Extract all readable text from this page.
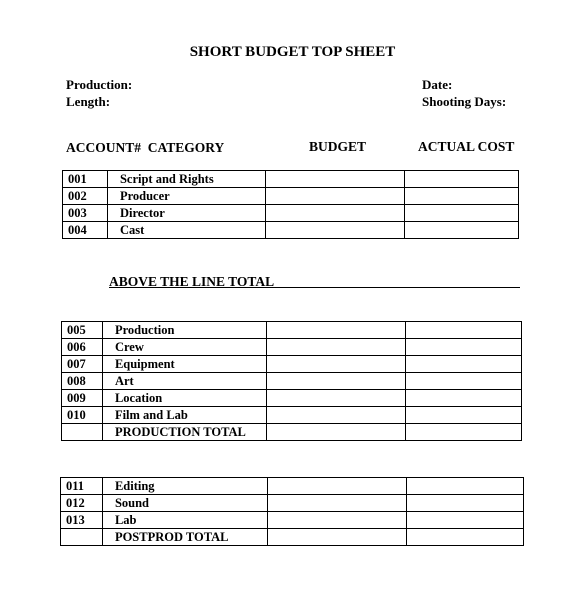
SHORT BUDGET TOP SHEET
Production:
Length:
Date:
Shooting Days:
ACCOUNT#  CATEGORY	BUDGET	ACTUAL COST
001	Script and Rights		
002	Producer		
003	Director		
004	Cast		
ABOVE THE LINE TOTAL
005	Production		
006	Crew		
007	Equipment		
008	Art		
009	Location		
010	Film and Lab		
	PRODUCTION TOTAL		
011	Editing		
012	Sound		
013	Lab		
	POSTPROD TOTAL		
